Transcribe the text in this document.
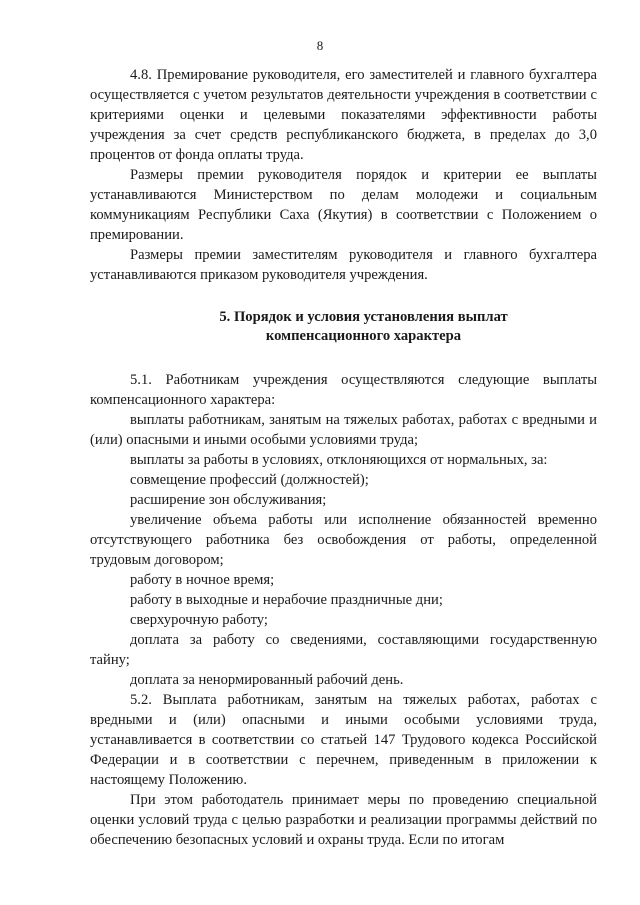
8

4.8. Премирование руководителя, его заместителей и главного бухгалтера осуществляется с учетом результатов деятельности учреждения в соответствии с критериями оценки и целевыми показателями эффективности работы учреждения за счет средств республиканского бюджета, в пределах до 3,0 процентов от фонда оплаты труда.

Размеры премии руководителя порядок и критерии ее выплаты устанавливаются Министерством по делам молодежи и социальным коммуникациям Республики Саха (Якутия) в соответствии с Положением о премировании.

Размеры премии заместителям руководителя и главного бухгалтера устанавливаются приказом руководителя учреждения.

5. Порядок и условия установления выплат
компенсационного характера

5.1. Работникам учреждения осуществляются следующие выплаты компенсационного характера:

выплаты работникам, занятым на тяжелых работах, работах с вредными и (или) опасными и иными особыми условиями труда;

выплаты за работы в условиях, отклоняющихся от нормальных, за:

совмещение профессий (должностей);

расширение зон обслуживания;

увеличение объема работы или исполнение обязанностей временно отсутствующего работника без освобождения от работы, определенной трудовым договором;

работу в ночное время;

работу в выходные и нерабочие праздничные дни;

сверхурочную работу;

доплата за работу со сведениями, составляющими государственную тайну;

доплата за ненормированный рабочий день.

5.2. Выплата работникам, занятым на тяжелых работах, работах с вредными и (или) опасными и иными особыми условиями труда, устанавливается в соответствии со статьей 147 Трудового кодекса Российской Федерации и в соответствии с перечнем, приведенным в приложении к настоящему Положению.

При этом работодатель принимает меры по проведению специальной оценки условий труда с целью разработки и реализации программы действий по обеспечению безопасных условий и охраны труда. Если по итогам
